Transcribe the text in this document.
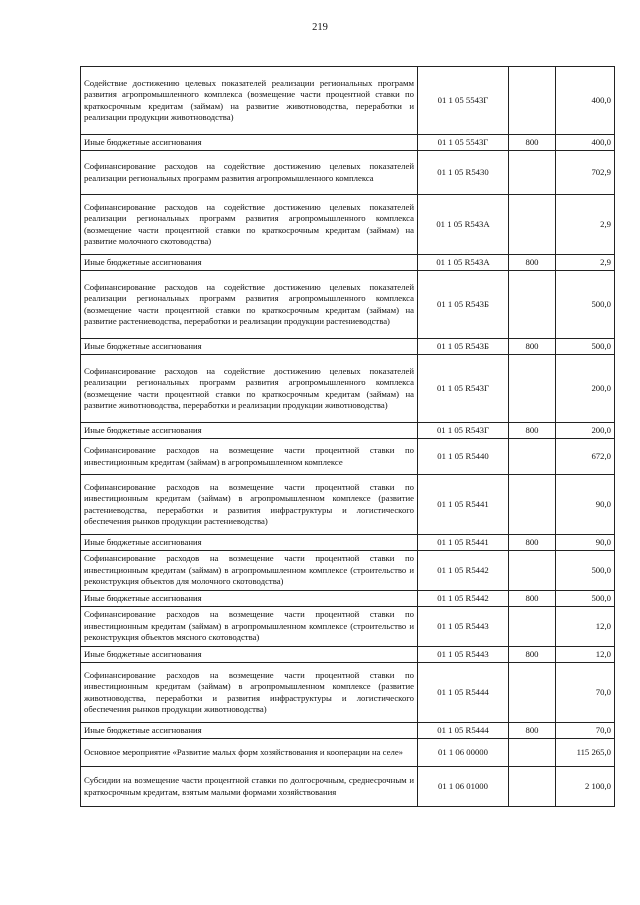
219
Содействие достижению целевых показателей реализации региональных программ развития агропромышленного комплекса (возмещение части процентной ставки по краткосрочным кредитам (займам) на развитие животноводства, переработки и реализации продукции животноводства)	01 1 05 5543Г		400,0
Иные бюджетные ассигнования	01 1 05 5543Г	800	400,0
Софинансирование расходов на содействие достижению целевых показателей реализации региональных программ развития агропромышленного комплекса	01 1 05 R5430		702,9
Софинансирование расходов на содействие достижению целевых показателей реализации региональных программ развития агропромышленного комплекса (возмещение части процентной ставки по краткосрочным кредитам (займам) на развитие молочного скотоводства)	01 1 05 R543А		2,9
Иные бюджетные ассигнования	01 1 05 R543А	800	2,9
Софинансирование расходов на содействие достижению целевых показателей реализации региональных программ развития агропромышленного комплекса (возмещение части процентной ставки по краткосрочным кредитам (займам) на развитие растениеводства, переработки и реализации продукции растениеводства)	01 1 05 R543Б		500,0
Иные бюджетные ассигнования	01 1 05 R543Б	800	500,0
Софинансирование расходов на содействие достижению целевых показателей реализации региональных программ развития агропромышленного комплекса (возмещение части процентной ставки по краткосрочным кредитам (займам) на развитие животноводства, переработки и реализации продукции животноводства)	01 1 05 R543Г		200,0
Иные бюджетные ассигнования	01 1 05 R543Г	800	200,0
Софинансирование расходов на возмещение части процентной ставки по инвестиционным кредитам (займам) в агропромышленном комплексе	01 1 05 R5440		672,0
Софинансирование расходов на возмещение части процентной ставки по инвестиционным кредитам (займам) в агропромышленном комплексе (развитие растениеводства, переработки и развития инфраструктуры и логистического обеспечения рынков продукции растениеводства)	01 1 05 R5441		90,0
Иные бюджетные ассигнования	01 1 05 R5441	800	90,0
Софинансирование расходов на возмещение части процентной ставки по инвестиционным кредитам (займам) в агропромышленном комплексе (строительство и реконструкция объектов для молочного скотоводства)	01 1 05 R5442		500,0
Иные бюджетные ассигнования	01 1 05 R5442	800	500,0
Софинансирование расходов на возмещение части процентной ставки по инвестиционным кредитам (займам) в агропромышленном комплексе (строительство и реконструкция объектов мясного скотоводства)	01 1 05 R5443		12,0
Иные бюджетные ассигнования	01 1 05 R5443	800	12,0
Софинансирование расходов на возмещение части процентной ставки по инвестиционным кредитам (займам) в агропромышленном комплексе (развитие животноводства, переработки и развития инфраструктуры и логистического обеспечения рынков продукции животноводства)	01 1 05 R5444		70,0
Иные бюджетные ассигнования	01 1 05 R5444	800	70,0
Основное мероприятие «Развитие малых форм хозяйствования и кооперации на селе»	01 1 06 00000		115 265,0
Субсидии на возмещение части процентной ставки по долгосрочным, среднесрочным и краткосрочным кредитам, взятым малыми формами хозяйствования	01 1 06 01000		2 100,0
